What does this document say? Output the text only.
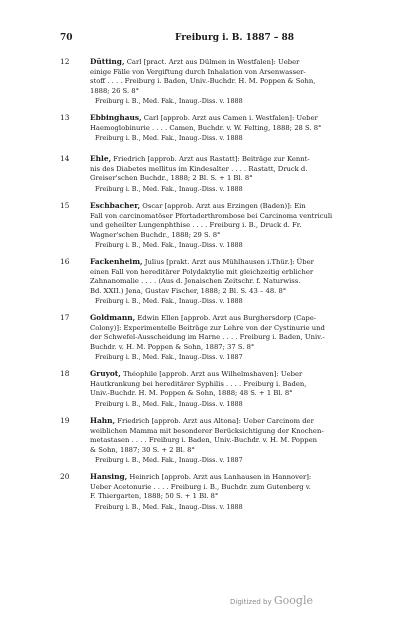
70	Freiburg i. B. 1887 – 88
12	Dütting, Carl [pract. Arzt aus Dülmen in Westfalen]: Ueber
einige Fälle von Vergiftung durch Inhalation von Arsenwasser-
stoff . . . . Freiburg i. Baden, Univ.-Buchdr. H. M. Poppen & Sohn,
1888; 26 S. 8°
Freiburg i. B., Med. Fak., Inaug.-Diss. v. 1888
13	Ebbinghaus, Carl [approb. Arzt aus Camen i. Westfalen]: Ueber
Haemoglobinurie . . . . Camen, Buchdr. v. W. Felting, 1888; 28 S. 8°
Freiburg i. B., Med. Fak., Inaug.-Diss. v. 1888
14	Ehle, Friedrich [approb. Arzt aus Rastatt]: Beiträge zur Kennt-
nis des Diabetes mellitus im Kindesalter . . . . Rastatt, Druck d.
Greiser'schen Buchdr., 1888; 2 Bl. S. + 1 Bl. 8°
Freiburg i. B., Med. Fak., Inaug.-Diss. v. 1888
15	Eschbacher, Oscar [approb. Arzt aus Erzingen (Baden)]: Ein
Fall von carcinomatöser Pfortaderthrombose bei Carcinoma ventriculi
und geheilter Lungenphthise . . . . Freiburg i. B., Druck d. Fr.
Wagner'schen Buchdr., 1888; 29 S. 8°
Freiburg i. B., Med. Fak., Inaug.-Diss. v. 1888
16	Fackenheim, Julius [prakt. Arzt aus Mühlhausen i.Thür.]: Über
einen Fall von hereditärer Polydaktylie mit gleichzeitig erblicher
Zahnanomalie . . . . (Aus d. Jenaischen Zeitschr. f. Naturwiss.
Bd. XXII.) Jena, Gustav Fischer, 1888; 2 Bl. S. 43 – 48. 8°
Freiburg i. B., Med. Fak., Inaug.-Diss. v. 1888
17	Goldmann, Edwin Ellen [approb. Arzt aus Burghersdorp (Cape-
Colony)]: Experimentelle Beiträge zur Lehre von der Cystinurie und
der Schwefel-Ausscheidung im Harne . . . . Freiburg i. Baden, Univ.-
Buchdr. v. H. M. Poppen & Sohn, 1887; 37 S. 8°
Freiburg i. B., Med. Fak., Inaug.-Diss. v. 1887
18	Gruyot, Théophile [approb. Arzt aus Wilhelmshaven]: Ueber
Hautkrankung bei hereditärer Syphilis . . . . Freiburg i. Baden,
Univ.-Buchdr. H. M. Poppen & Sohn, 1888; 48 S. + 1 Bl. 8°
Freiburg i. B., Med. Fak., Inaug.-Diss. v. 1888
19	Hahn, Friedrich [approb. Arzt aus Altona]: Ueber Carcinom der
weiblichen Mamma mit besonderer Berücksichtigung der Knochen-
metastasen . . . . Freiburg i. Baden, Univ.-Buchdr. v. H. M. Poppen
& Sohn, 1887; 30 S. + 2 Bl. 8°
Freiburg i. B., Med. Fak., Inaug.-Diss. v. 1887
20	Hansing, Heinrich [approb. Arzt aus Lanhausen in Hannover]:
Ueber Acetonurie . . . . Freiburg i. B., Buchdr. zum Gutenberg v.
F. Thiergarten, 1888; 50 S. + 1 Bl. 8°
Freiburg i. B., Med. Fak., Inaug.-Diss. v. 1888
Digitized by Google
